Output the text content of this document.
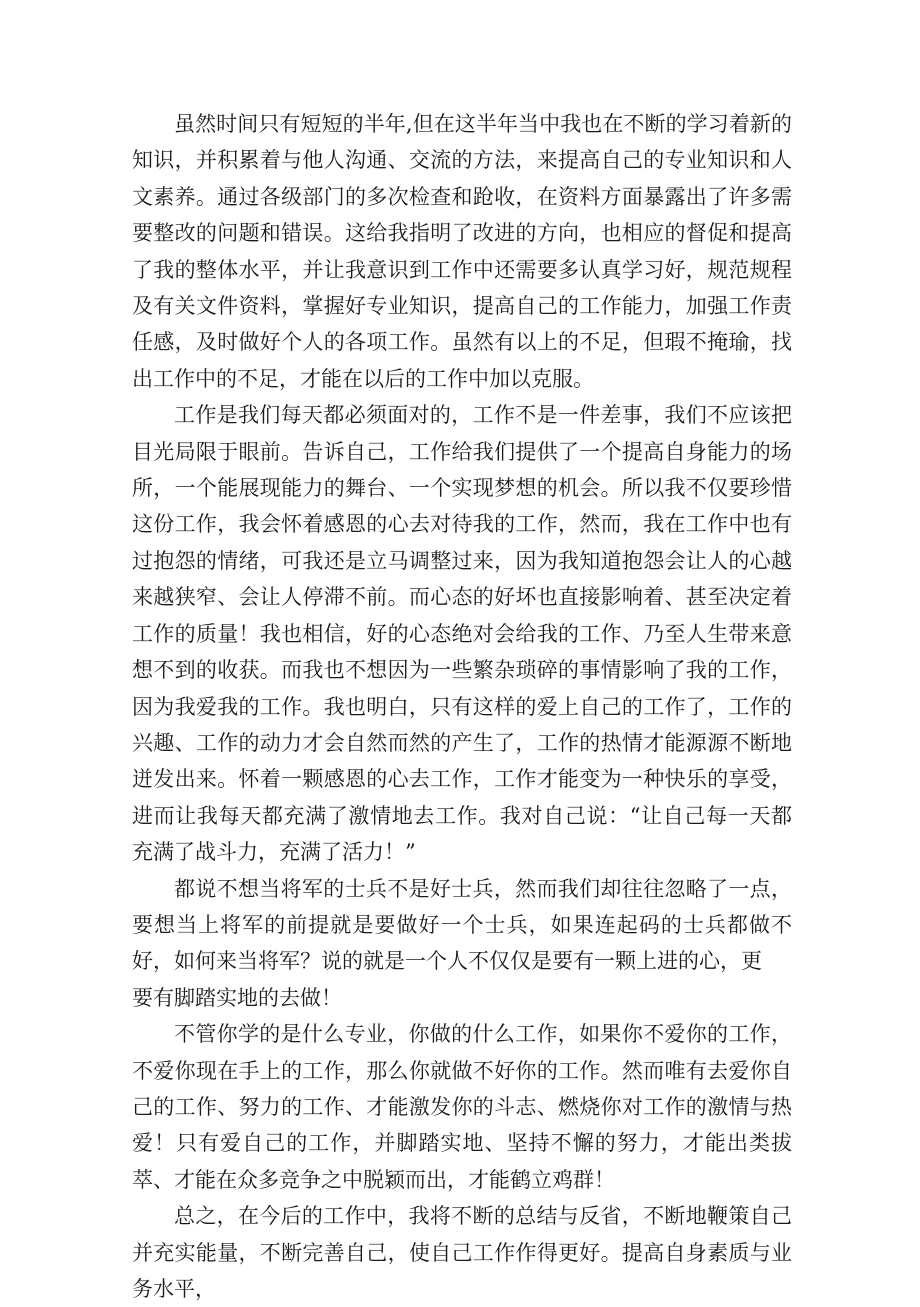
虽然时间只有短短的半年,但在这半年当中我也在不断的学习着新的知识，并积累着与他人沟通、交流的方法，来提高自己的专业知识和人文素养。通过各级部门的多次检查和跄收，在资料方面暴露出了许多需要整改的问题和错误。这给我指明了改进的方向，也相应的督促和提高了我的整体水平，并让我意识到工作中还需要多认真学习好，规范规程及有关文件资料，掌握好专业知识，提高自己的工作能力，加强工作责任感，及时做好个人的各项工作。虽然有以上的不足，但瑕不掩瑜，找出工作中的不足，才能在以后的工作中加以克服。

工作是我们每天都必须面对的，工作不是一件差事，我们不应该把目光局限于眼前。告诉自己，工作给我们提供了一个提高自身能力的场所，一个能展现能力的舞台、一个实现梦想的机会。所以我不仅要珍惜这份工作，我会怀着感恩的心去对待我的工作，然而，我在工作中也有过抱怨的情绪，可我还是立马调整过来，因为我知道抱怨会让人的心越来越狭窄、会让人停滞不前。而心态的好坏也直接影响着、甚至决定着工作的质量！我也相信，好的心态绝对会给我的工作、乃至人生带来意想不到的收获。而我也不想因为一些繁杂琐碎的事情影响了我的工作，因为我爱我的工作。我也明白，只有这样的爱上自己的工作了，工作的兴趣、工作的动力才会自然而然的产生了，工作的热情才能源源不断地迸发出来。怀着一颗感恩的心去工作，工作才能变为一种快乐的享受，进而让我每天都充满了激情地去工作。我对自己说：“让自己每一天都充满了战斗力，充满了活力！”

都说不想当将军的士兵不是好士兵，然而我们却往往忽略了一点，要想当上将军的前提就是要做好一个士兵，如果连起码的士兵都做不好，如何来当将军？说的就是一个人不仅仅是要有一颗上进的心，更

要有脚踏实地的去做！

不管你学的是什么专业，你做的什么工作，如果你不爱你的工作，不爱你现在手上的工作，那么你就做不好你的工作。然而唯有去爱你自己的工作、努力的工作、才能激发你的斗志、燃烧你对工作的激情与热爱！只有爱自己的工作，并脚踏实地、坚持不懈的努力，才能出类拔萃、才能在众多竞争之中脱颖而出，才能鹤立鸡群！

总之，在今后的工作中，我将不断的总结与反省，不断地鞭策自己并充实能量，不断完善自己，使自己工作作得更好。提高自身素质与业务水平，
